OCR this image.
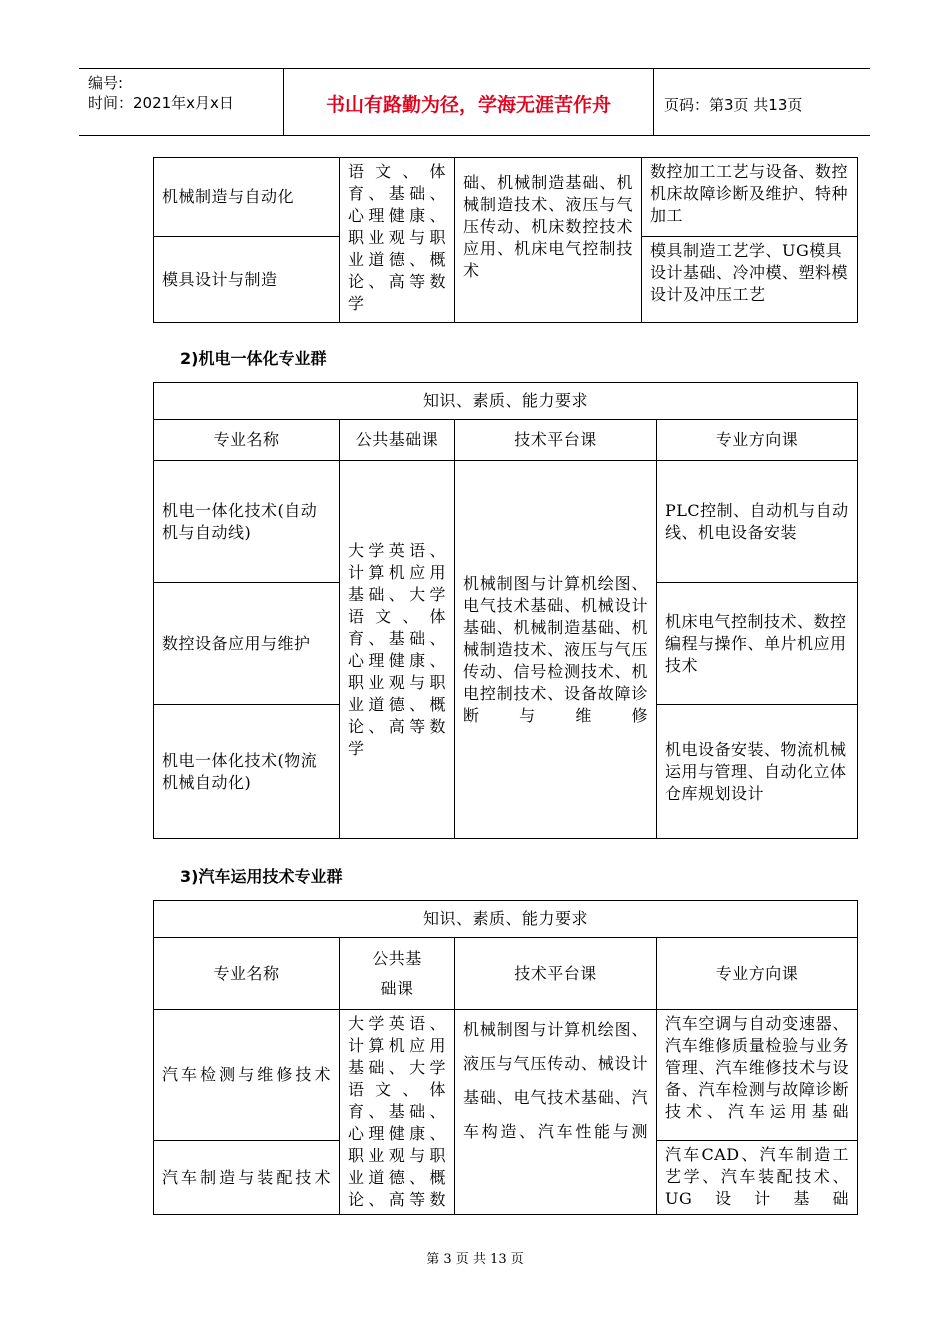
编号:
时间：2021年x月x日	书山有路勤为径，学海无涯苦作舟	页码：第3页 共13页
机械制造与自动化	语文、体育、基础、心理健康、职业观与职业道德、概论、高等数学	础、机械制造基础、机械制造技术、液压与气压传动、机床数控技术应用、机床电气控制技术	数控加工工艺与设备、数控机床故障诊断及维护、特种加工
模具设计与制造			模具制造工艺学、UG模具设计基础、冷冲模、塑料模设计及冲压工艺
2)机电一体化专业群
知识、素质、能力要求			
专业名称	公共基础课	技术平台课	专业方向课
机电一体化技术(自动机与自动线)	大学英语、计算机应用基础、大学语文、体育、基础、心理健康、职业观与职业道德、概论、高等数学	机械制图与计算机绘图、电气技术基础、机械设计基础、机械制造基础、机械制造技术、液压与气压传动、信号检测技术、机电控制技术、设备故障诊断与维修	PLC控制、自动机与自动线、机电设备安装
数控设备应用与维护			机床电气控制技术、数控编程与操作、单片机应用技术
机电一体化技术(物流机械自动化)			机电设备安装、物流机械运用与管理、自动化立体仓库规划设计
3)汽车运用技术专业群
知识、素质、能力要求			
专业名称	公共基础课	技术平台课	专业方向课
汽车检测与维修技术	大学英语、计算机应用基础、大学语文、体育、基础、心理健康、职业观与职业道德、概论、高等数	机械制图与计算机绘图、液压与气压传动、械设计基础、电气技术基础、汽车构造、汽车性能与测	汽车空调与自动变速器、汽车维修质量检验与业务管理、汽车维修技术与设备、汽车检测与故障诊断技术、汽车运用基础
汽车制造与装配技术			汽车CAD、汽车制造工艺学、汽车装配技术、UG设计基础
第 3 页 共 13 页
